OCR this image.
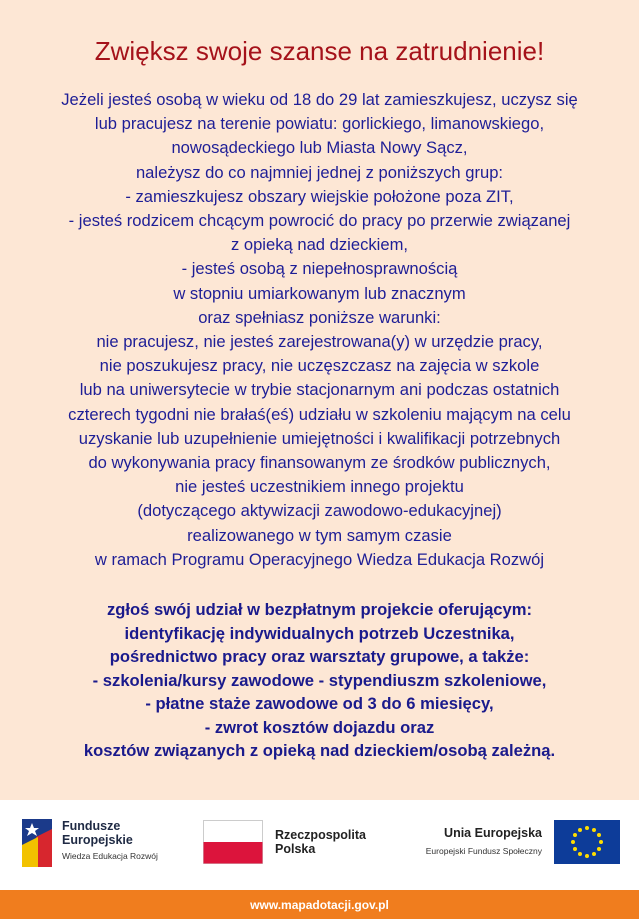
Zwiększ swoje szanse na zatrudnienie!
Jeżeli jesteś osobą w wieku od 18 do 29 lat zamieszkujesz, uczysz się
lub pracujesz na terenie powiatu: gorlickiego, limanowskiego,
nowosądeckiego lub Miasta Nowy Sącz,
należysz do co najmniej jednej z poniższych grup:
- zamieszkujesz obszary wiejskie położone poza ZIT,
- jesteś rodzicem chcącym powrocić do pracy po przerwie związanej
z opieką nad dzieckiem,
- jesteś osobą z niepełnosprawnością
w stopniu umiarkowanym lub znacznym
oraz spełniasz poniższe warunki:
nie pracujesz, nie jesteś zarejestrowana(y) w urzędzie pracy,
nie poszukujesz pracy, nie uczęszczasz na zajęcia w szkole
lub na uniwersytecie w trybie stacjonarnym ani podczas ostatnich
czterech tygodni nie brałaś(eś) udziału w szkoleniu mającym na celu
uzyskanie lub uzupełnienie umiejętności i kwalifikacji potrzebnych
do wykonywania pracy finansowanym ze środków publicznych,
nie jesteś uczestnikiem innego projektu
(dotyczącego aktywizacji zawodowo-edukacyjnej)
realizowanego w tym samym czasie
w ramach Programu Operacyjnego Wiedza Edukacja Rozwój
zgłoś swój udział w bezpłatnym projekcie oferującym:
identyfikację indywidualnych potrzeb Uczestnika,
pośrednictwo pracy oraz warsztaty grupowe, a także:
- szkolenia/kursy zawodowe - stypendiuszm szkoleniowe,
- płatne staże zawodowe od 3 do 6 miesięcy,
- zwrot kosztów dojazdu oraz
kosztów związanych z opieką nad dzieckiem/osobą zależną.
Fundusze
Europejskie
Wiedza Edukacja Rozwój
Rzeczpospolita
Polska
Unia Europejska
Europejski Fundusz Społeczny
www.mapadotacji.gov.pl
